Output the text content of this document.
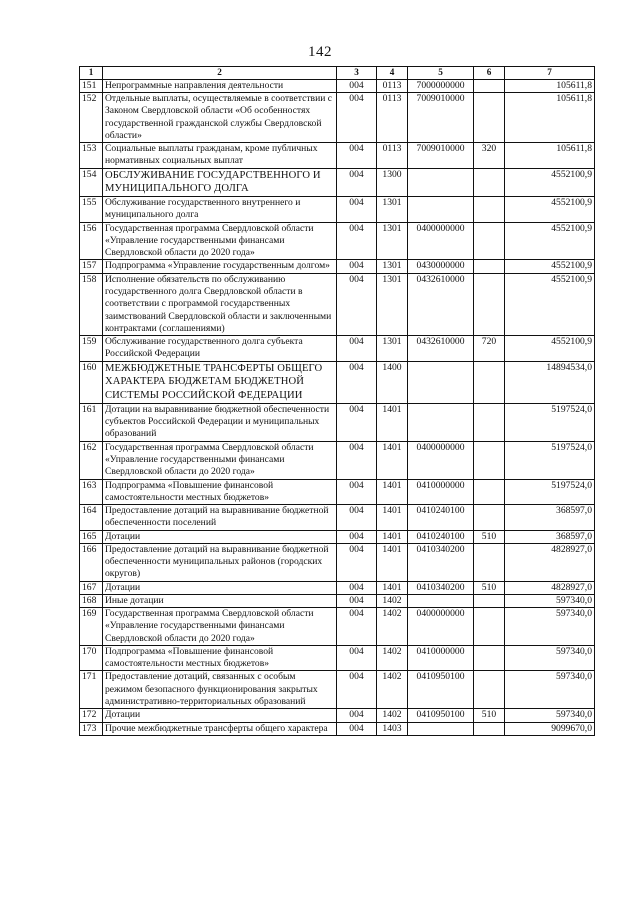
142
1	2	3	4	5	6	7
151	Непрограммные направления деятельности	004	0113	7000000000		105611,8
152	Отдельные выплаты, осуществляемые в соответствии с Законом Свердловской области «Об особенностях государственной гражданской службы Свердловской области»	004	0113	7009010000		105611,8
153	Социальные выплаты гражданам, кроме публичных нормативных социальных выплат	004	0113	7009010000	320	105611,8
154	ОБСЛУЖИВАНИЕ ГОСУДАРСТВЕННОГО И МУНИЦИПАЛЬНОГО ДОЛГА	004	1300			4552100,9
155	Обслуживание государственного внутреннего и муниципального долга	004	1301			4552100,9
156	Государственная программа Свердловской области «Управление государственными финансами Свердловской области до 2020 года»	004	1301	0400000000		4552100,9
157	Подпрограмма «Управление государственным долгом»	004	1301	0430000000		4552100,9
158	Исполнение обязательств по обслуживанию государственного долга Свердловской области в соответствии с программой государственных заимствований Свердловской области и заключенными контрактами (соглашениями)	004	1301	0432610000		4552100,9
159	Обслуживание государственного долга субъекта Российской Федерации	004	1301	0432610000	720	4552100,9
160	МЕЖБЮДЖЕТНЫЕ ТРАНСФЕРТЫ ОБЩЕГО ХАРАКТЕРА БЮДЖЕТАМ БЮДЖЕТНОЙ СИСТЕМЫ РОССИЙСКОЙ ФЕДЕРАЦИИ	004	1400			14894534,0
161	Дотации на выравнивание бюджетной обеспеченности субъектов Российской Федерации и муниципальных образований	004	1401			5197524,0
162	Государственная программа Свердловской области «Управление государственными финансами Свердловской области до 2020 года»	004	1401	0400000000		5197524,0
163	Подпрограмма «Повышение финансовой самостоятельности местных бюджетов»	004	1401	0410000000		5197524,0
164	Предоставление дотаций на выравнивание бюджетной обеспеченности поселений	004	1401	0410240100		368597,0
165	Дотации	004	1401	0410240100	510	368597,0
166	Предоставление дотаций на выравнивание бюджетной обеспеченности муниципальных районов (городских округов)	004	1401	0410340200		4828927,0
167	Дотации	004	1401	0410340200	510	4828927,0
168	Иные дотации	004	1402			597340,0
169	Государственная программа Свердловской области «Управление государственными финансами Свердловской области до 2020 года»	004	1402	0400000000		597340,0
170	Подпрограмма «Повышение финансовой самостоятельности местных бюджетов»	004	1402	0410000000		597340,0
171	Предоставление дотаций, связанных с особым режимом безопасного функционирования закрытых административно-территориальных образований	004	1402	0410950100		597340,0
172	Дотации	004	1402	0410950100	510	597340,0
173	Прочие межбюджетные трансферты общего характера	004	1403			9099670,0
